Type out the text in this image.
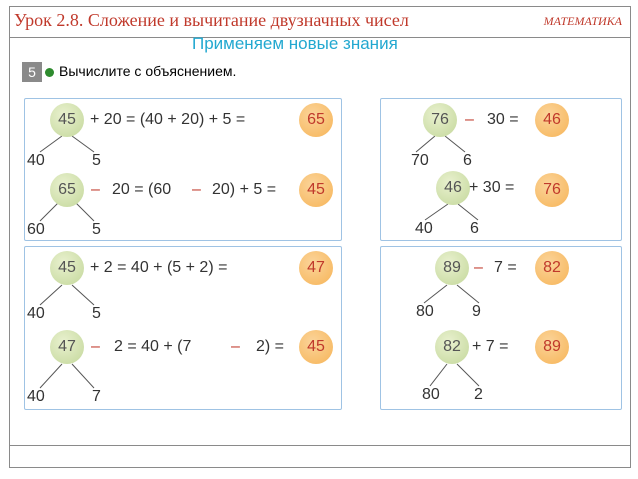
Урок 2.8. Сложение и вычитание двузначных чисел	МАТЕМАТИКА
Применяем новые знания
5	Вычислите с объяснением.
45 + 20 = (40 + 20) + 5 =	65
40	5
65 – 20 = (60 – 20) + 5 =	45
60	5
76	– 30 =	46
70 6
46 + 30 =	76
40 6
45 + 2 = 40 + (5 + 2) =	47
40	5
47 – 2 = 40 + (7 – 2) =	45
40	7
89 – 7 =	82
80 9
82 + 7 =	89
80 2
